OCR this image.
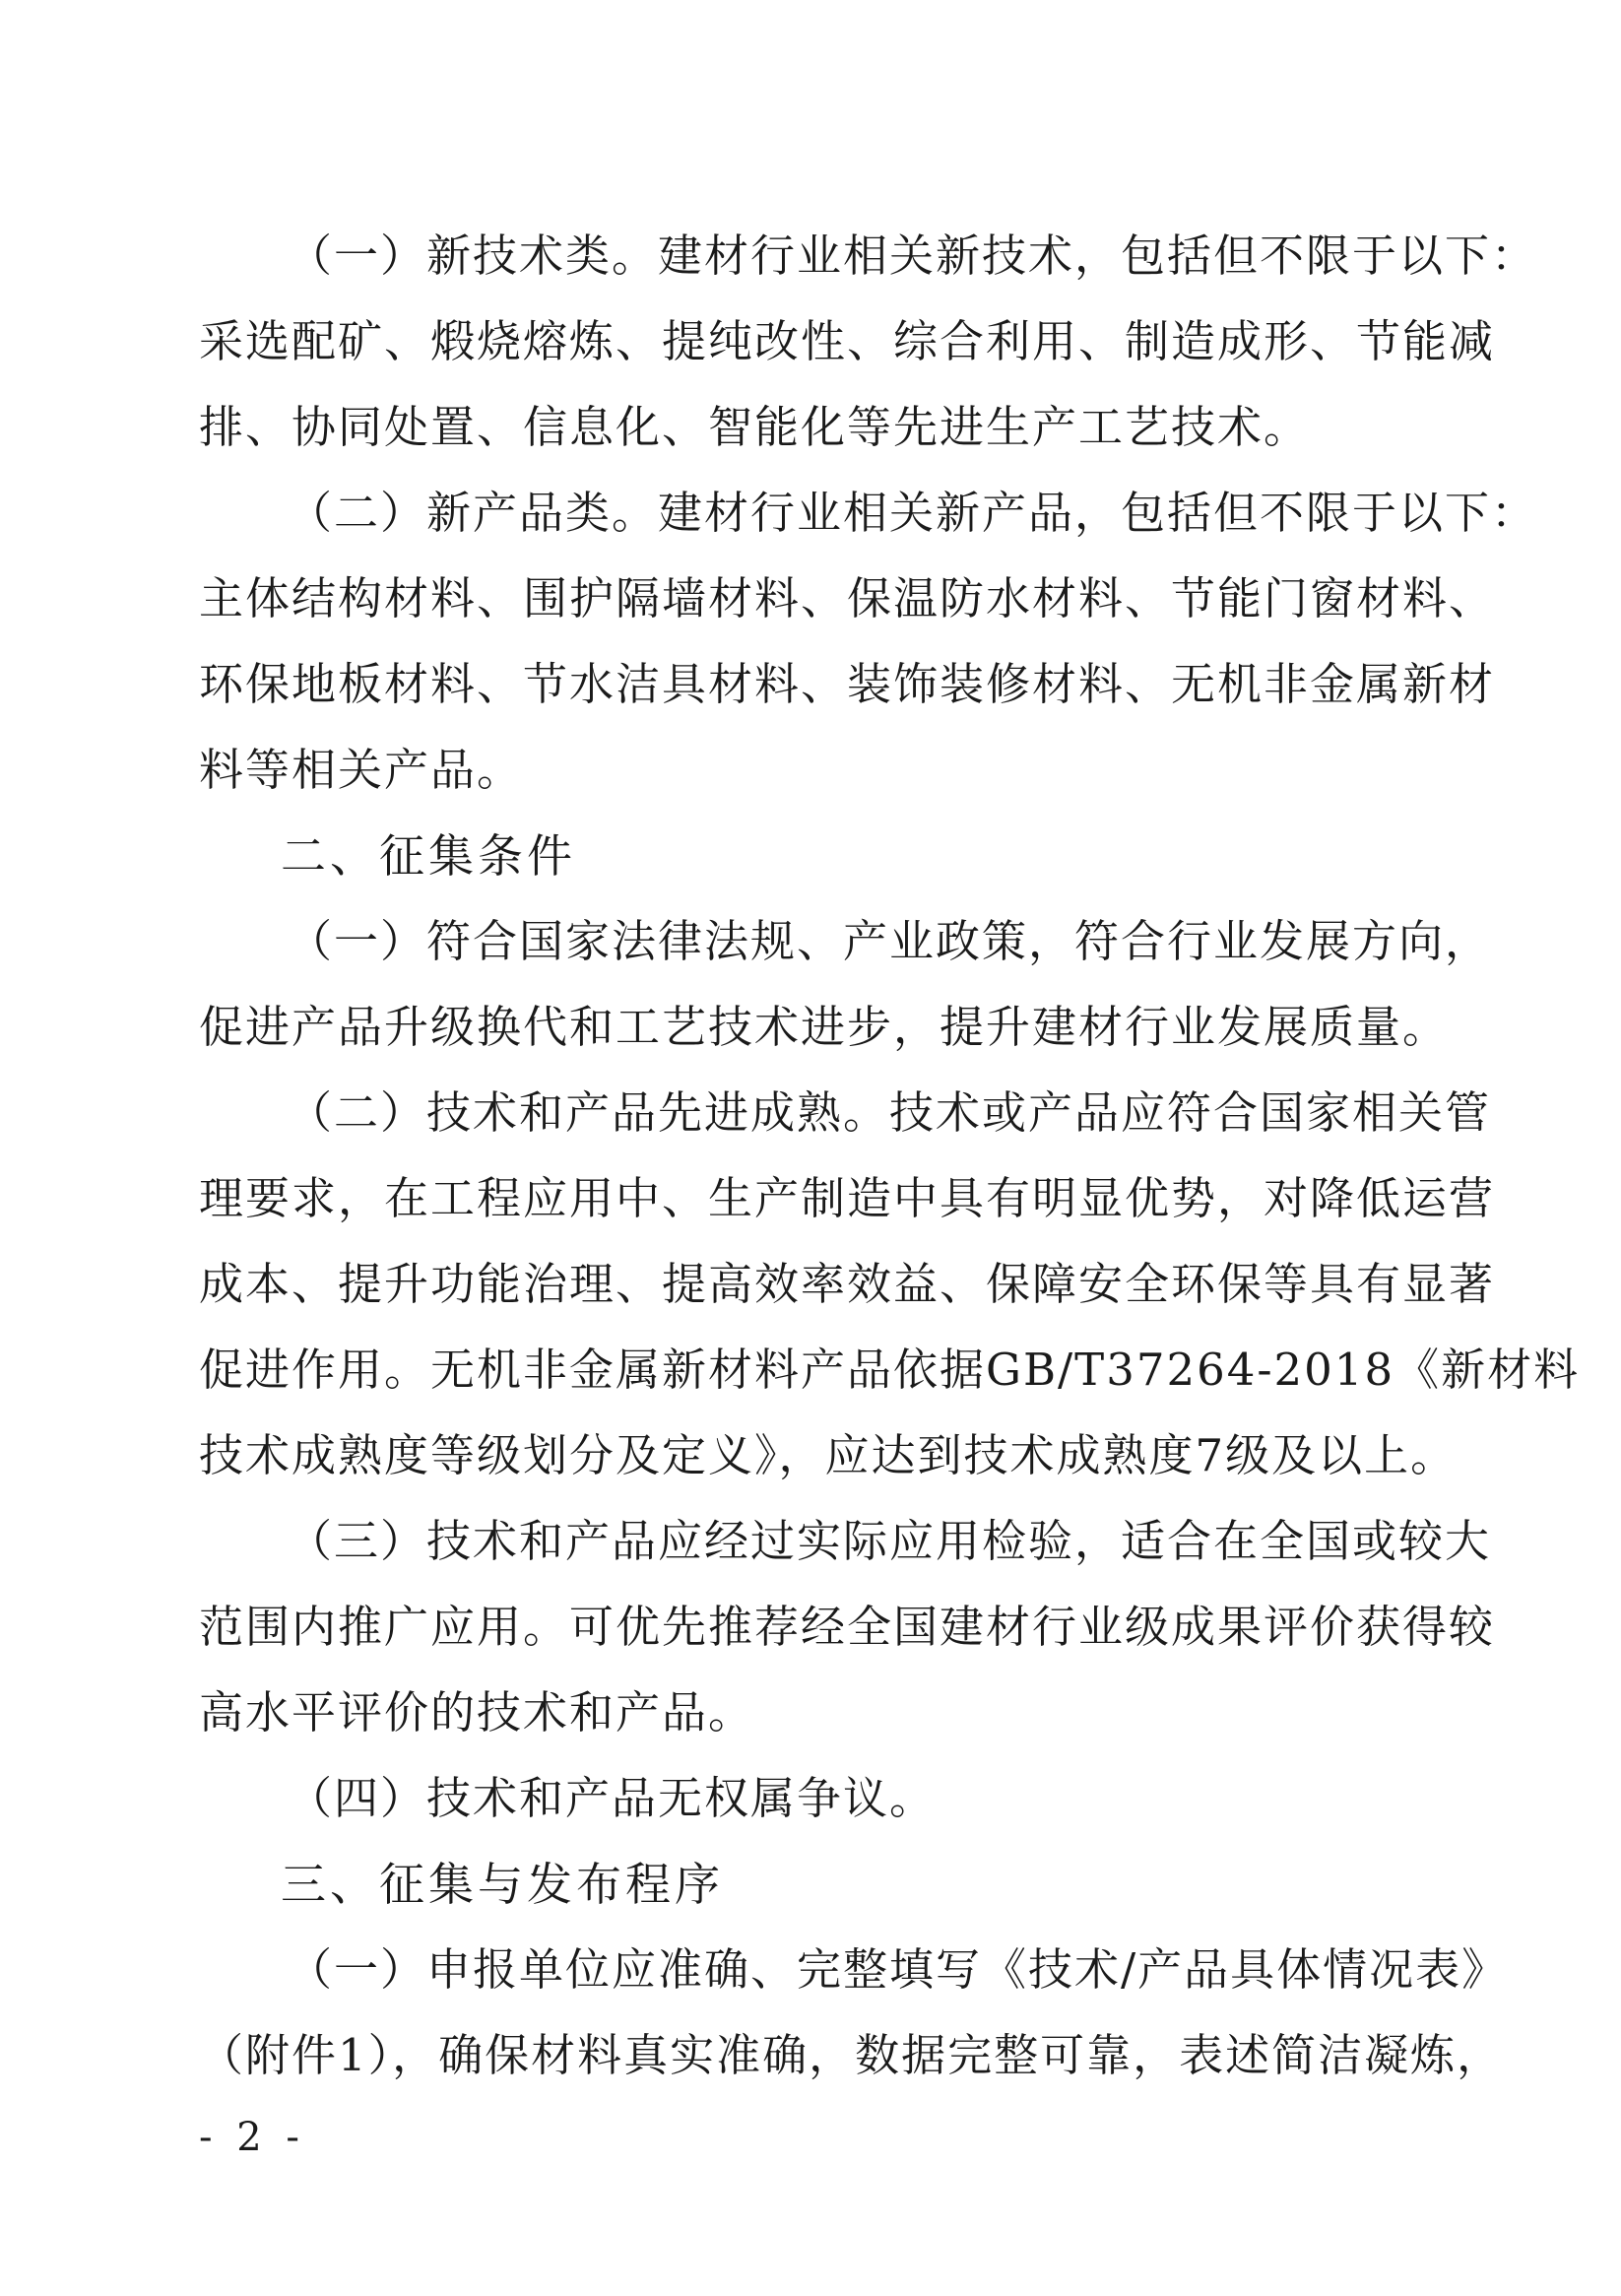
（一）新技术类。建材行业相关新技术，包括但不限于以下：
采选配矿、煅烧熔炼、提纯改性、综合利用、制造成形、节能减
排、协同处置、信息化、智能化等先进生产工艺技术。
（二）新产品类。建材行业相关新产品，包括但不限于以下：
主体结构材料、围护隔墙材料、保温防水材料、节能门窗材料、
环保地板材料、节水洁具材料、装饰装修材料、无机非金属新材
料等相关产品。
二、征集条件
（一）符合国家法律法规、产业政策，符合行业发展方向，
促进产品升级换代和工艺技术进步，提升建材行业发展质量。
（二）技术和产品先进成熟。技术或产品应符合国家相关管
理要求，在工程应用中、生产制造中具有明显优势，对降低运营
成本、提升功能治理、提高效率效益、保障安全环保等具有显著
促进作用。无机非金属新材料产品依据GB/T37264-2018《新材料
技术成熟度等级划分及定义》，应达到技术成熟度7级及以上。
（三）技术和产品应经过实际应用检验，适合在全国或较大
范围内推广应用。可优先推荐经全国建材行业级成果评价获得较
高水平评价的技术和产品。
（四）技术和产品无权属争议。
三、征集与发布程序
（一）申报单位应准确、完整填写《技术/产品具体情况表》
（附件1），确保材料真实准确，数据完整可靠，表述简洁凝炼，
- 2 -
